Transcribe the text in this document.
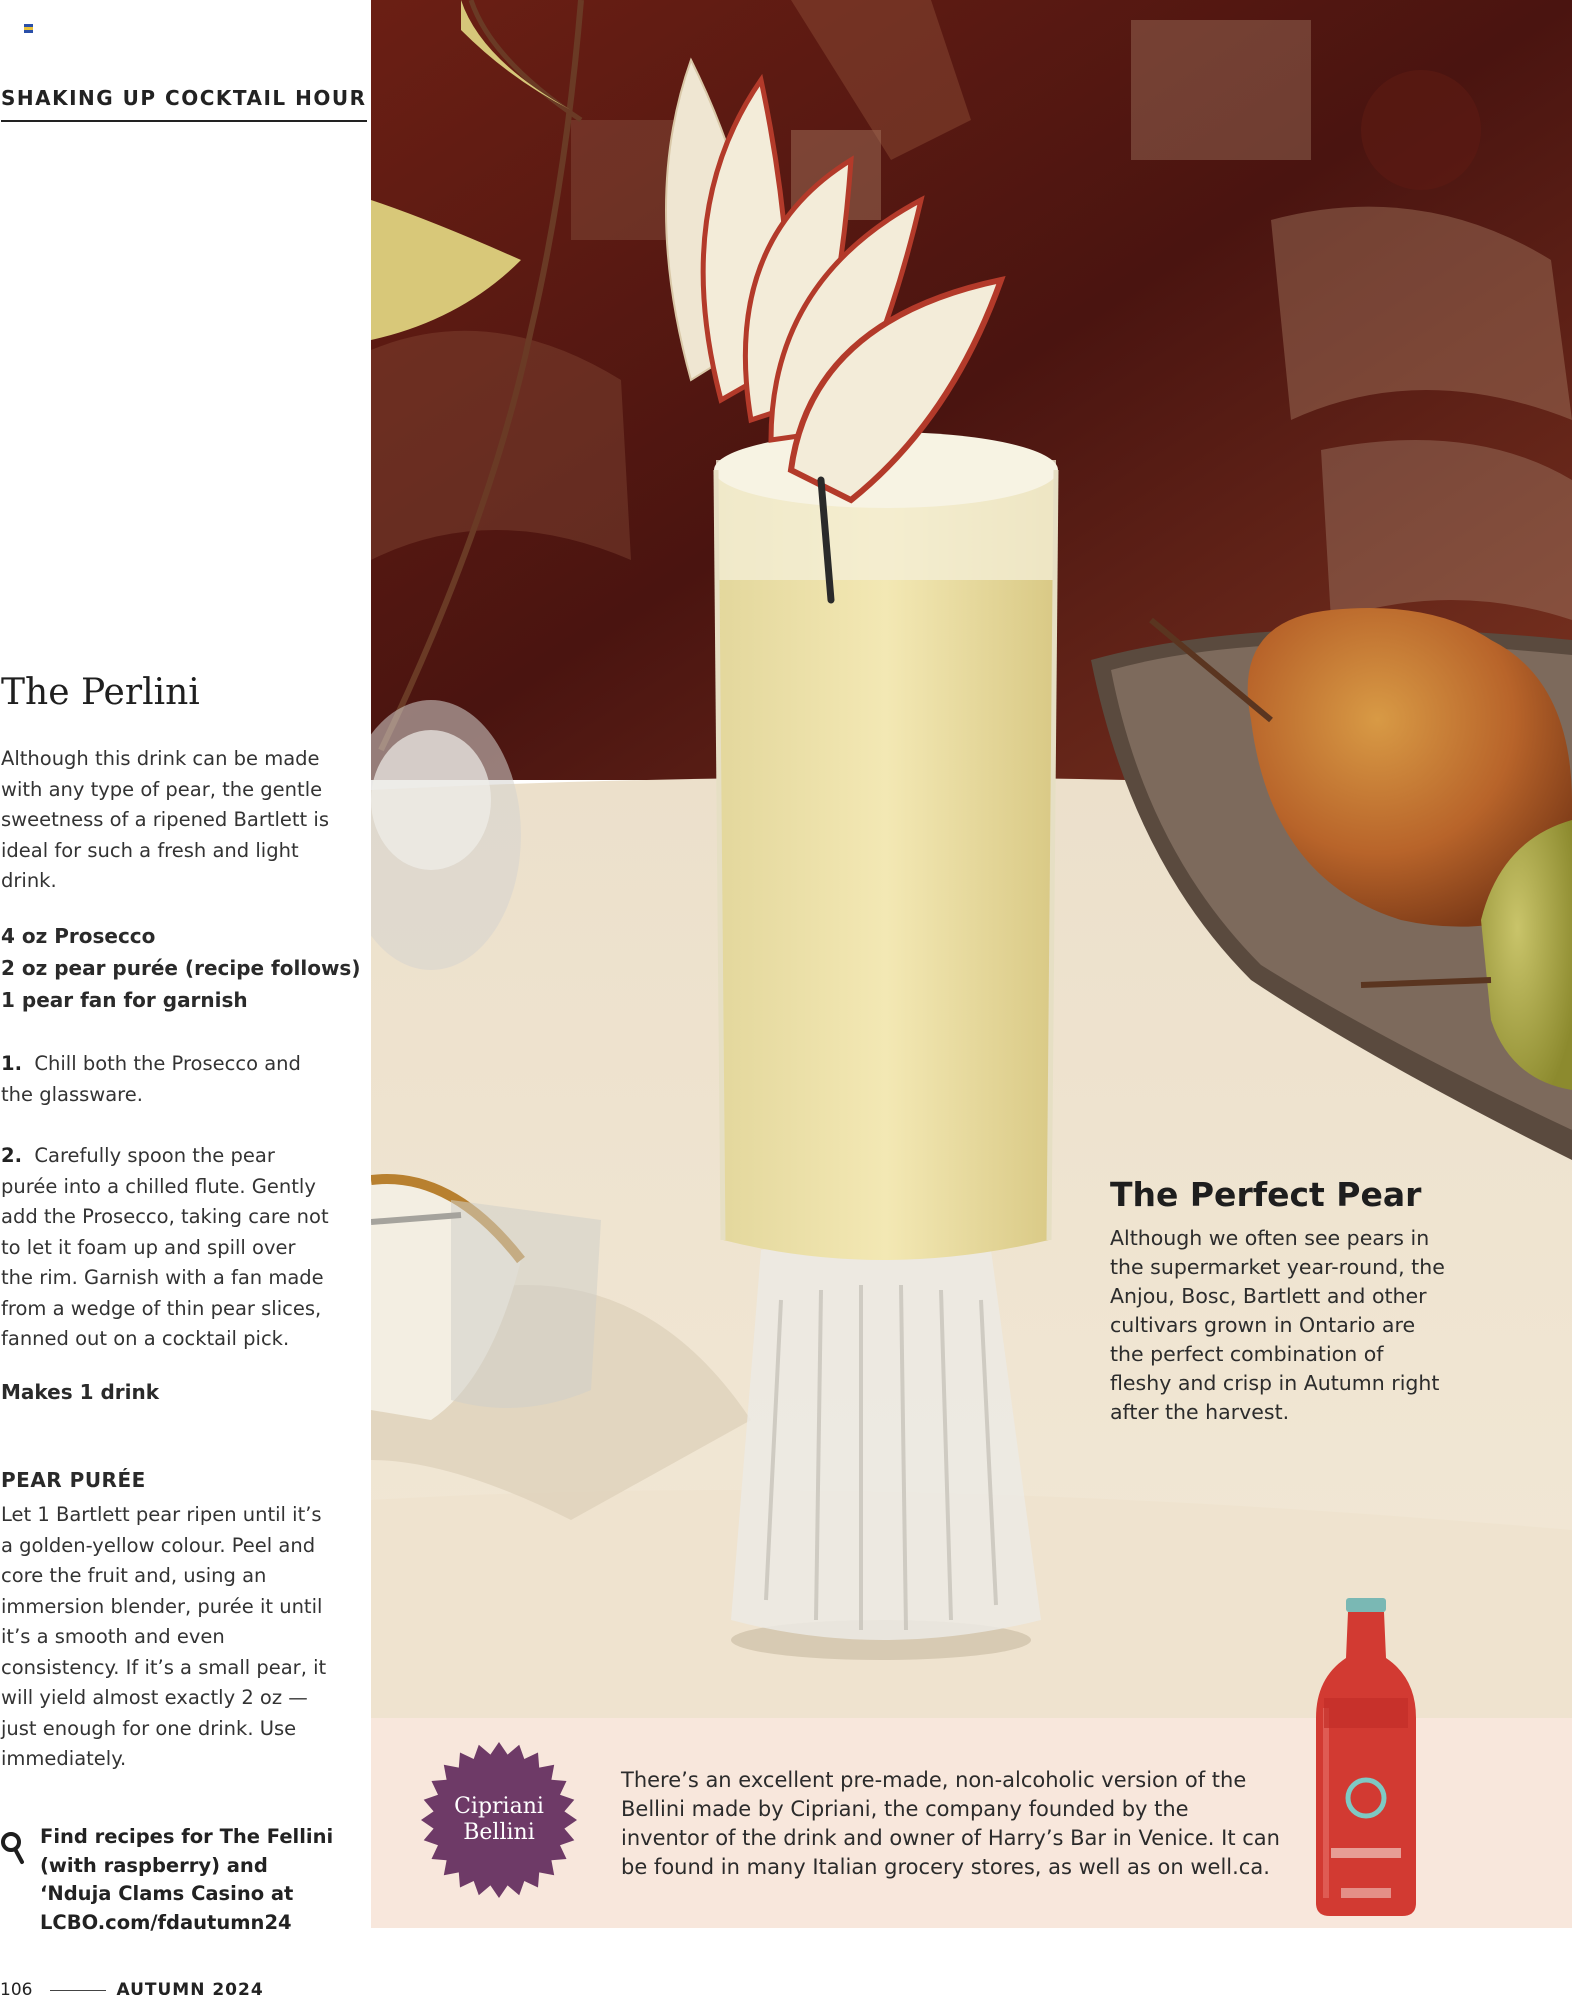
SHAKING UP COCKTAIL HOUR
The Perlini
Although this drink can be made with any type of pear, the gentle sweetness of a ripened Bartlett is ideal for such a fresh and light drink.
4 oz Prosecco
2 oz pear purée (recipe follows)
1 pear fan for garnish
1. Chill both the Prosecco and the glassware.
2. Carefully spoon the pear purée into a chilled flute. Gently add the Prosecco, taking care not to let it foam up and spill over the rim. Garnish with a fan made from a wedge of thin pear slices, fanned out on a cocktail pick.
Makes 1 drink
PEAR PURÉE
Let 1 Bartlett pear ripen until it’s a golden-yellow colour. Peel and core the fruit and, using an immersion blender, purée it until it’s a smooth and even consistency. If it’s a small pear, it will yield almost exactly 2 oz — just enough for one drink. Use immediately.
Find recipes for The Fellini (with raspberry) and ‘Nduja Clams Casino at LCBO.com/fdautumn24
106	AUTUMN 2024
The Perfect Pear
Although we often see pears in the supermarket year-round, the Anjou, Bosc, Bartlett and other cultivars grown in Ontario are the perfect combination of fleshy and crisp in Autumn right after the harvest.
Cipriani
Bellini
There’s an excellent pre-made, non-alcoholic version of the Bellini made by Cipriani, the company founded by the inventor of the drink and owner of Harry’s Bar in Venice. It can be found in many Italian grocery stores, as well as on well.ca.
